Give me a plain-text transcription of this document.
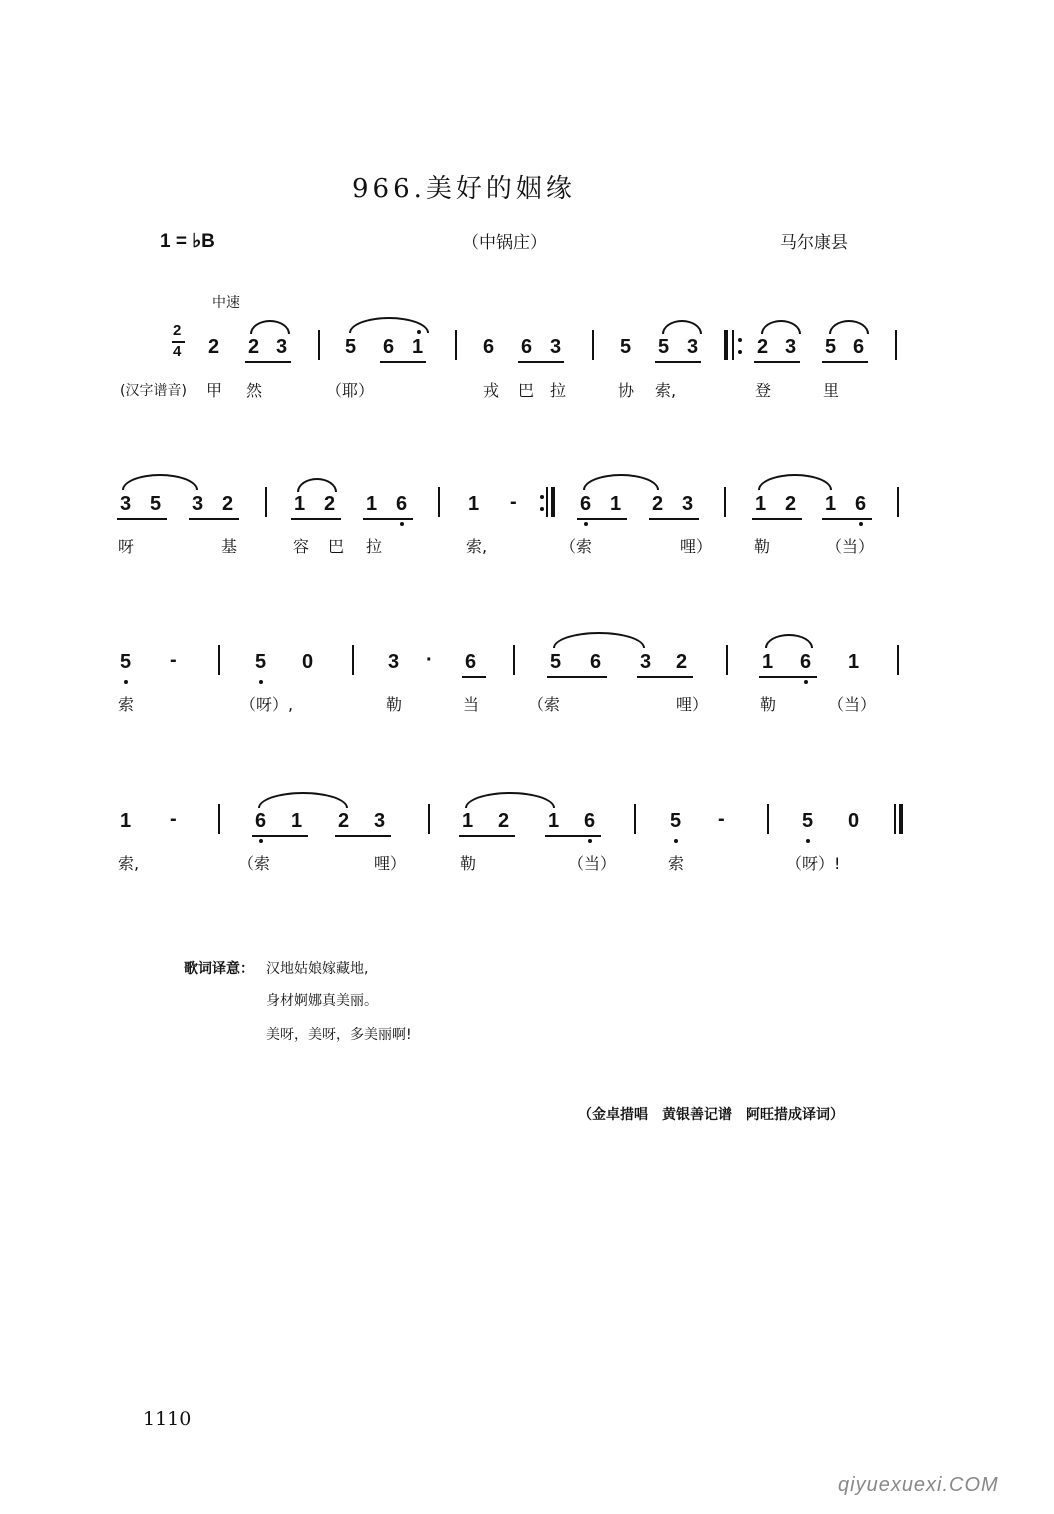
966.美好的姻缘
1 = ♭B	（中锅庄）	马尔康县
中速
2
4 2 2 3	5 6 1	6 6 3	5 5 3	2 3 5 6
(汉字谱音) 甲 然	（耶）	戎 巴 拉	协 索,	登	里
3 5 3 2	1 2 1 6	1 -	6 1 2 3	1 2 1 6
呀	基	容 巴 拉	索,	（索	哩）	勒	（当）
5 -	5 0	3 · 6	5 6 3 2	1 6 1
索	（呀）,	勒	当	（索	哩）	勒	（当）
1 -	6 1 2 3	1 2 1 6	5 -	5 0
索,	（索	哩）	勒	（当）	索	（呀）!
歌词译意： 汉地姑娘嫁藏地,
身材婀娜真美丽。
美呀，美呀，多美丽啊!
（金卓措唱　黄银善记谱　阿旺措成译词）
1110
qiyuexuexi.COM
